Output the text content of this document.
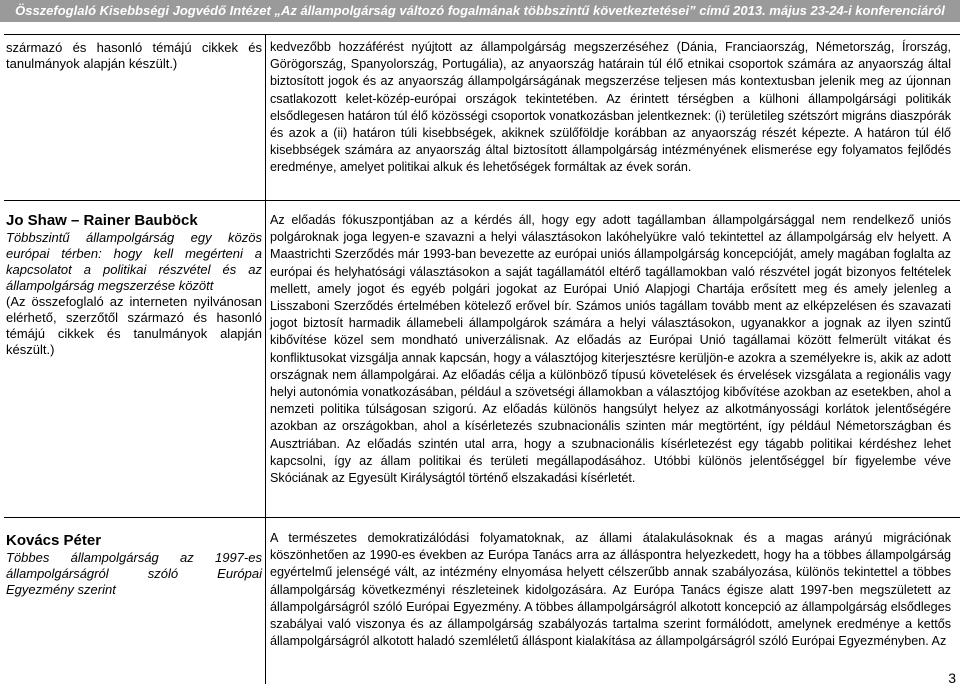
Összefoglaló Kisebbségi Jogvédő Intézet „Az állampolgárság változó fogalmának többszintű következtetései” című 2013. május 23-24-i konferenciáról

származó és hasonló témájú cikkek és tanulmányok alapján készült.)

kedvezőbb hozzáférést nyújtott az állampolgárság megszerzéséhez (Dánia, Franciaország, Németország, Írország, Görögország, Spanyolország, Portugália), az anyaország határain túl élő etnikai csoportok számára az anyaország által biztosított jogok és az anyaország állampolgárságának megszerzése teljesen más kontextusban jelenik meg az újonnan csatlakozott kelet-közép-európai országok tekintetében. Az érintett térségben a külhoni állampolgársági politikák elsődlegesen határon túl élő közösségi csoportok vonatkozásban jelentkeznek: (i) területileg szétszórt migráns diaszpórák és azok a (ii) határon túli kisebbségek, akiknek szülőföldje korábban az anyaország részét képezte. A határon túl élő kisebbségek számára az anyaország által biztosított állampolgárság intézményének elismerése egy folyamatos fejlődés eredménye, amelyet politikai alkuk és lehetőségek formáltak az évek során.

Jo Shaw – Rainer Bauböck

Többszintű állampolgárság egy közös európai térben: hogy kell megérteni a kapcsolatot a politikai részvétel és az állampolgárság megszerzése között

(Az összefoglaló az interneten nyilvánosan elérhető, szerzőtől származó és hasonló témájú cikkek és tanulmányok alapján készült.)

Az előadás fókuszpontjában az a kérdés áll, hogy egy adott tagállamban állampolgársággal nem rendelkező uniós polgároknak joga legyen-e szavazni a helyi választásokon lakóhelyükre való tekintettel az állampolgárság elv helyett. A Maastrichti Szerződés már 1993-ban bevezette az európai uniós állampolgárság koncepcióját, amely magában foglalta az európai és helyhatósági választásokon a saját tagállamától eltérő tagállamokban való részvétel jogát bizonyos feltételek mellett, amely jogot és egyéb polgári jogokat az Európai Unió Alapjogi Chartája erősített meg és amely jelenleg a Lisszaboni Szerződés értelmében kötelező erővel bír. Számos uniós tagállam tovább ment az elképzelésen és szavazati jogot biztosít harmadik államebeli állampolgárok számára a helyi választásokon, ugyanakkor a jognak az ilyen szintű kibővítése közel sem mondható univerzálisnak. Az előadás az Európai Unió tagállamai között felmerült vitákat és konfliktusokat vizsgálja annak kapcsán, hogy a választójog kiterjesztésre kerüljön-e azokra a személyekre is, akik az adott országnak nem állampolgárai. Az előadás célja a különböző típusú követelések és érvelések vizsgálata a regionális vagy helyi autonómia vonatkozásában, például a szövetségi államokban a választójog kibővítése azokban az esetekben, ahol a nemzeti politika túlságosan szigorú. Az előadás különös hangsúlyt helyez az alkotmányossági korlátok jelentőségére azokban az országokban, ahol a kísérletezés szubnacionális szinten már megtörtént, így például Németországban és Ausztriában. Az előadás szintén utal arra, hogy a szubnacionális kísérletezést egy tágabb politikai kérdéshez lehet kapcsolni, így az állam politikai és területi megállapodásához. Utóbbi különös jelentőséggel bír figyelembe véve Skóciának az Egyesült Királyságtól történő elszakadási kísérletét.

Kovács Péter

Többes állampolgárság az 1997-es állampolgárságról szóló Európai Egyezmény szerint

A természetes demokratizálódási folyamatoknak, az állami átalakulásoknak és a magas arányú migrációnak köszönhetően az 1990-es években az Európa Tanács arra az álláspontra helyezkedett, hogy ha a többes állampolgárság egyértelmű jelenségé vált, az intézmény elnyomása helyett célszerűbb annak szabályozása, különös tekintettel a többes állampolgárság következményi részleteinek kidolgozására. Az Európa Tanács égisze alatt 1997-ben megszületett az állampolgárságról szóló Európai Egyezmény. A többes állampolgárságról alkotott koncepció az állampolgárság elsődleges szabályai való viszonya és az állampolgárság szabályozás tartalma szerint formálódott, amelynek eredménye a kettős állampolgárságról alkotott haladó szemléletű álláspont kialakítása az állampolgárságról szóló Európai Egyezményben. Az

3
